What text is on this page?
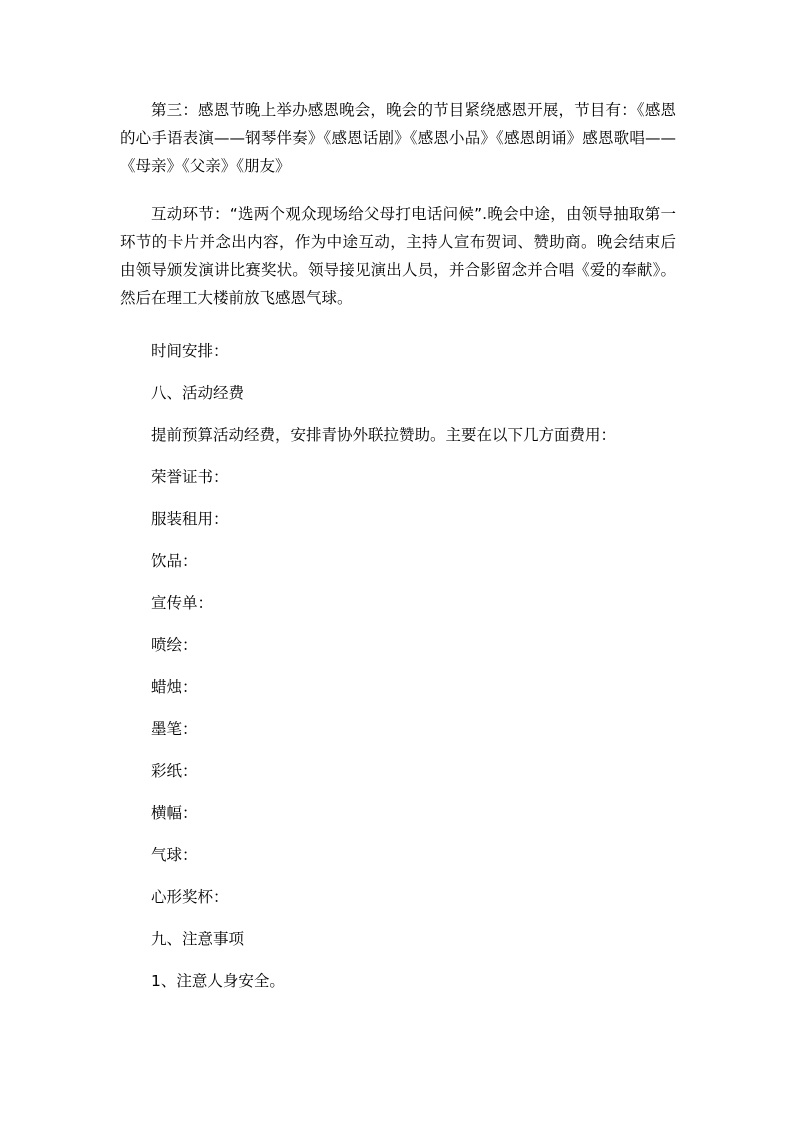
第三：感恩节晚上举办感恩晚会，晚会的节目紧绕感恩开展，节目有：《感恩的心手语表演——钢琴伴奏》《感恩话剧》《感恩小品》《感恩朗诵》感恩歌唱——《母亲》《父亲》《朋友》

互动环节：“选两个观众现场给父母打电话问候”.晚会中途，由领导抽取第一环节的卡片并念出内容，作为中途互动，主持人宣布贺词、赞助商。晚会结束后由领导颁发演讲比赛奖状。领导接见演出人员，并合影留念并合唱《爱的奉献》。然后在理工大楼前放飞感恩气球。

时间安排：

八、活动经费

提前预算活动经费，安排青协外联拉赞助。主要在以下几方面费用：

荣誉证书：

服装租用：

饮品：

宣传单：

喷绘：

蜡烛：

墨笔：

彩纸：

横幅：

气球：

心形奖杯：

九、注意事项

1、注意人身安全。
